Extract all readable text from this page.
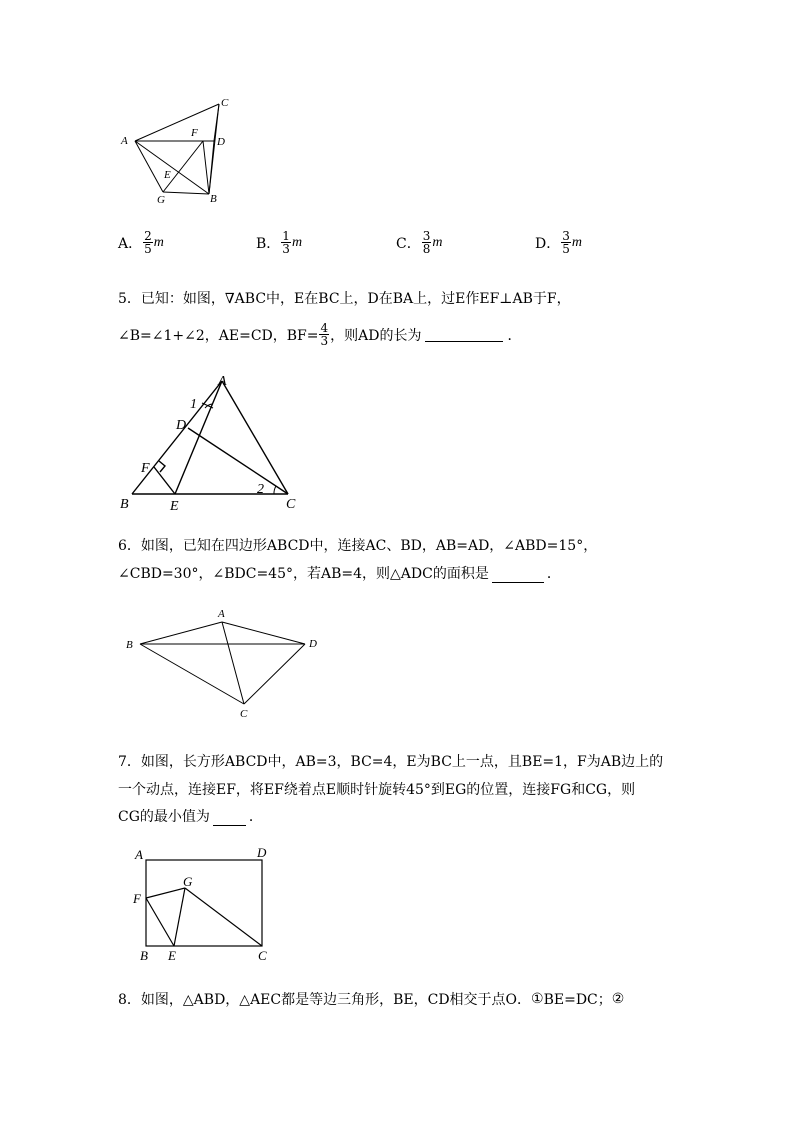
A
C
F
D
E
G	B
A． $\frac{2}{5}$ m	B． $\frac{1}{3}$ m	C． $\frac{3}{8}$ m	D． $\frac{3}{5}$ m
5．已知：如图，∇ABC中，E在BC上，D在BA上，过E作EF⊥AB于F，
∠B=∠1+∠2，AE=CD，$BF= \frac{4}{3}$ ，则AD的长为	．
A
D
F
B	E	C
1
2
6．如图，已知在四边形ABCD中，连接AC、BD，AB=AD，∠ABD=15°，
∠CBD=30°，∠BDC=45°，若AB=4，则△ADC的面积是	．
A
B	D
C
7．如图，长方形ABCD中，AB=3，BC=4，E为BC上一点，且BE=1，F为AB边上的
一个动点，连接EF，将EF绕着点E顺时针旋转45°到EG的位置，连接FG和CG，则
CG的最小值为	．
A	D
F
G
B E	C
8．如图，△ABD，△AEC都是等边三角形，BE，CD相交于点O． ① BE=DC； ②
